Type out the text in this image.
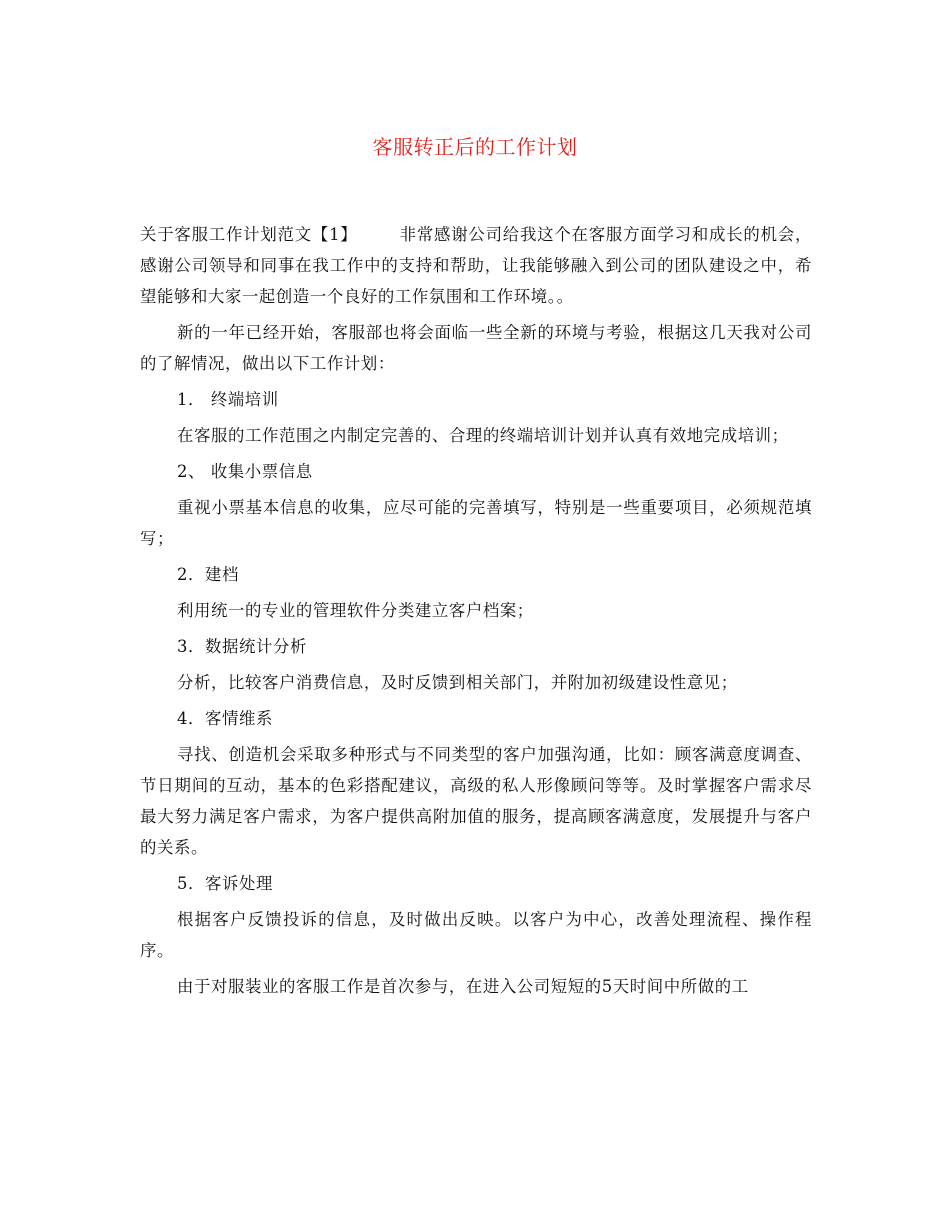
客服转正后的工作计划

关于客服工作计划范文【1】	非常感谢公司给我这个在客服方面学习和成长的机会，感谢公司领导和同事在我工作中的支持和帮助，让我能够融入到公司的团队建设之中，希望能够和大家一起创造一个良好的工作氛围和工作环境。。

新的一年已经开始，客服部也将会面临一些全新的环境与考验，根据这几天我对公司的了解情况，做出以下工作计划：

1． 终端培训

在客服的工作范围之内制定完善的、合理的终端培训计划并认真有效地完成培训；

2、 收集小票信息

重视小票基本信息的收集，应尽可能的完善填写，特别是一些重要项目，必须规范填写；

2．建档

利用统一的专业的管理软件分类建立客户档案；

3．数据统计分析

分析，比较客户消费信息，及时反馈到相关部门，并附加初级建设性意见；

4．客情维系

寻找、创造机会采取多种形式与不同类型的客户加强沟通，比如：顾客满意度调查、节日期间的互动，基本的色彩搭配建议，高级的私人形像顾问等等。及时掌握客户需求尽最大努力满足客户需求，为客户提供高附加值的服务，提高顾客满意度，发展提升与客户的关系。

5．客诉处理

根据客户反馈投诉的信息，及时做出反映。以客户为中心，改善处理流程、操作程序。

由于对服装业的客服工作是首次参与，在进入公司短短的5天时间中所做的工
